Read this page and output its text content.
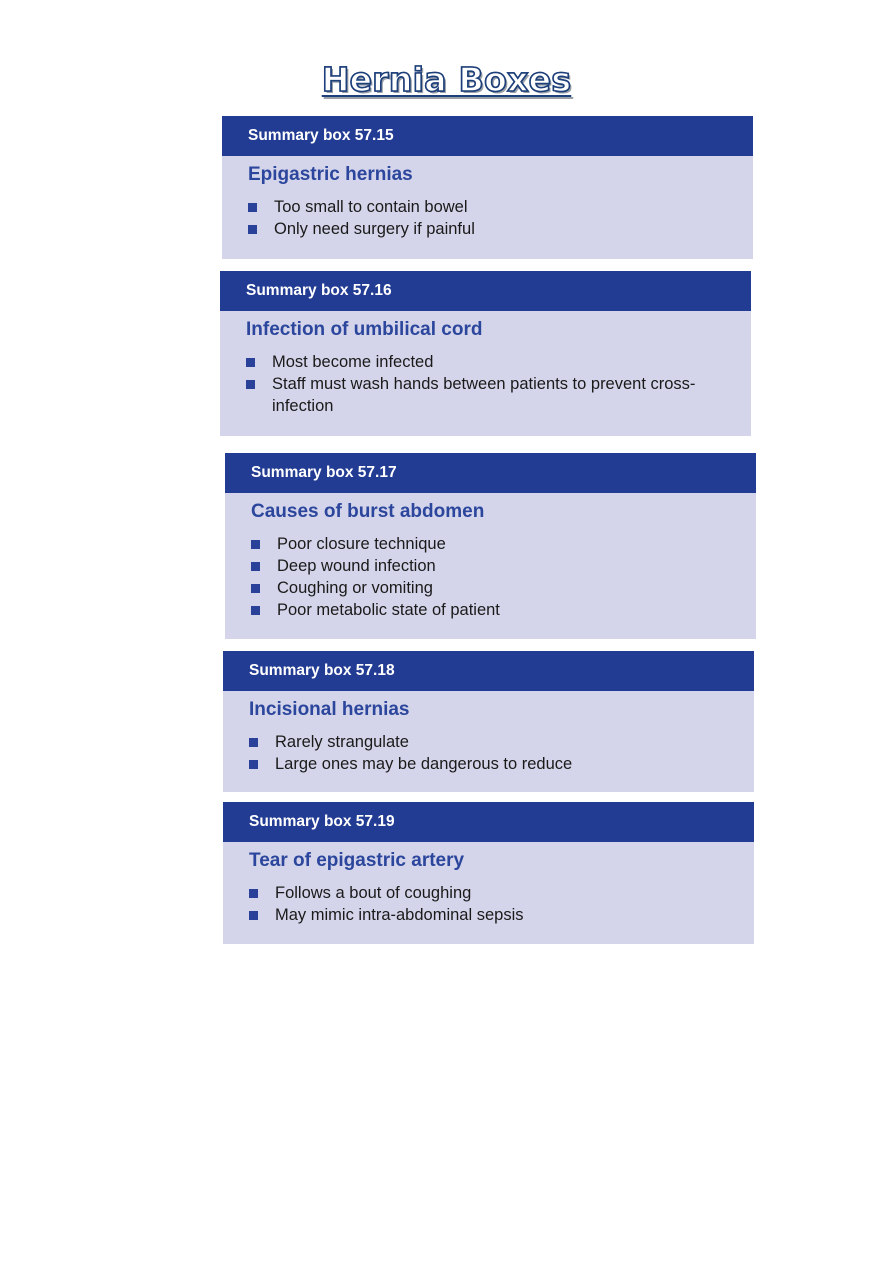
Hernia Boxes
Summary box 57.15
Epigastric hernias
Too small to contain bowel
Only need surgery if painful
Summary box 57.16
Infection of umbilical cord
Most become infected
Staff must wash hands between patients to prevent cross-infection
Summary box 57.17
Causes of burst abdomen
Poor closure technique
Deep wound infection
Coughing or vomiting
Poor metabolic state of patient
Summary box 57.18
Incisional hernias
Rarely strangulate
Large ones may be dangerous to reduce
Summary box 57.19
Tear of epigastric artery
Follows a bout of coughing
May mimic intra-abdominal sepsis
